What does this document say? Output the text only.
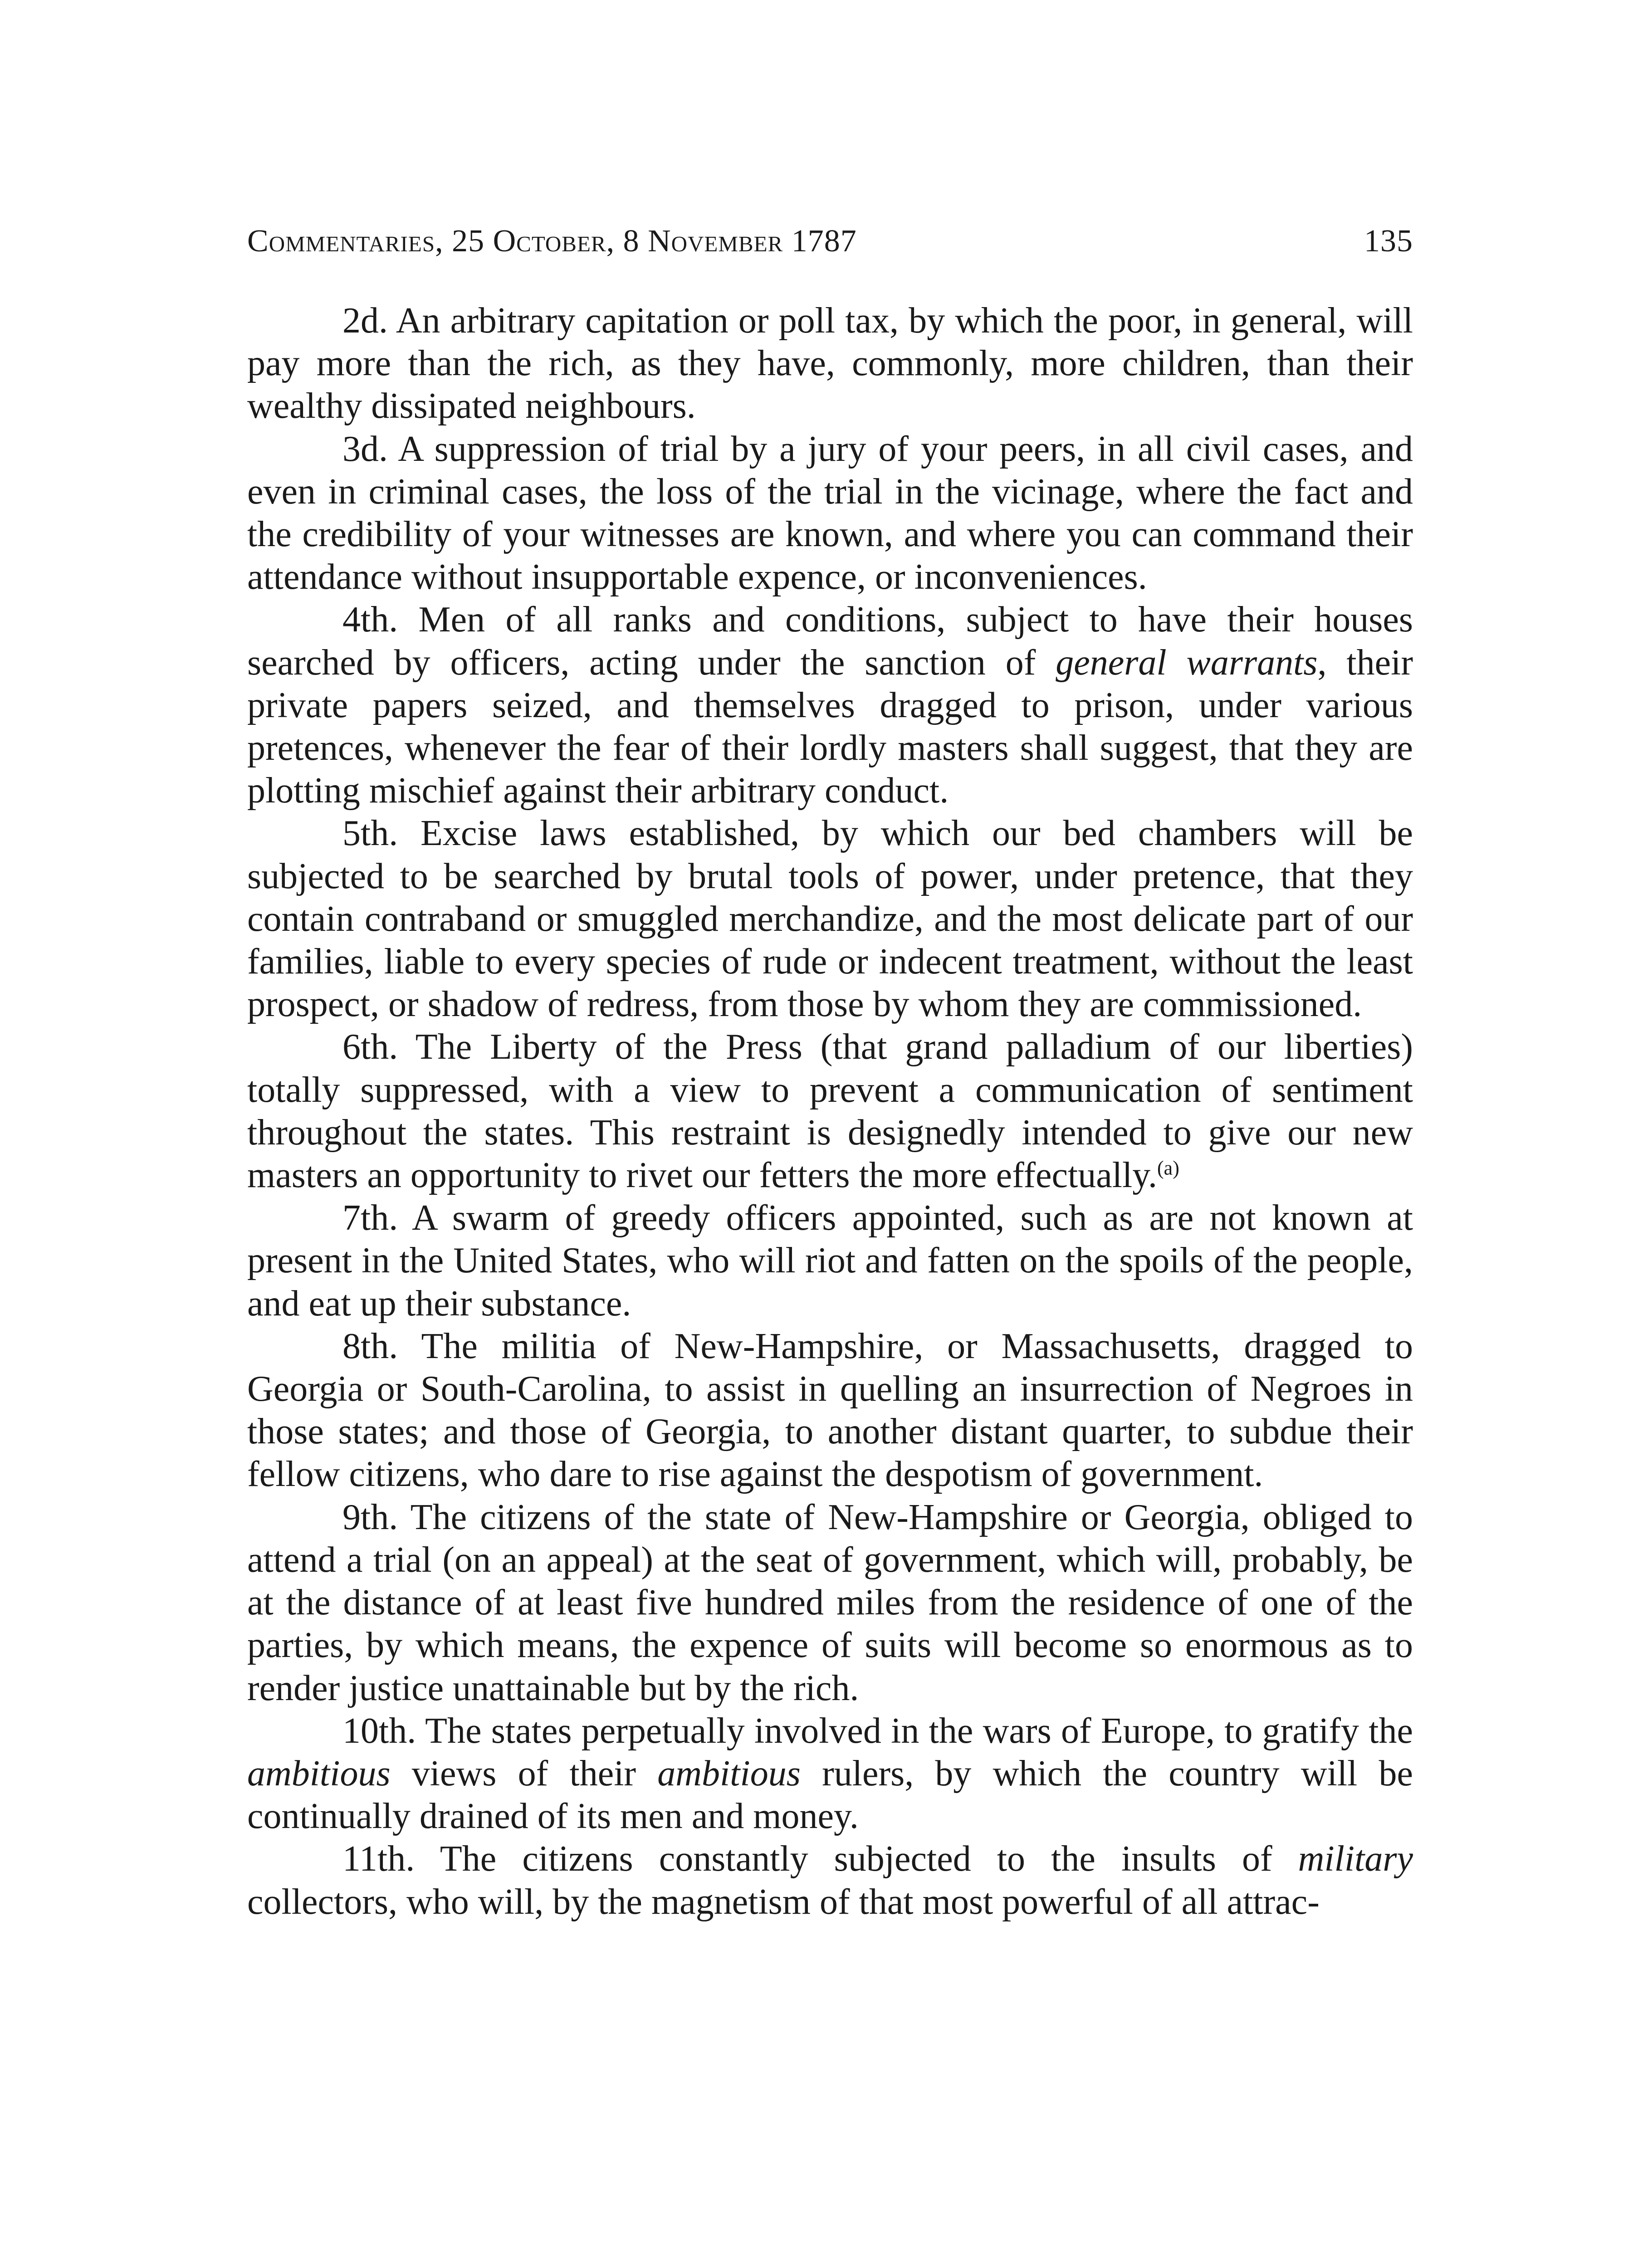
Commentaries, 25 October, 8 November 1787	135

2d. An arbitrary capitation or poll tax, by which the poor, in general, will pay more than the rich, as they have, commonly, more children, than their wealthy dissipated neighbours.

3d. A suppression of trial by a jury of your peers, in all civil cases, and even in criminal cases, the loss of the trial in the vicinage, where the fact and the credibility of your witnesses are known, and where you can command their attendance without insupportable expence, or inconveniences.

4th. Men of all ranks and conditions, subject to have their houses searched by officers, acting under the sanction of general warrants, their private papers seized, and themselves dragged to prison, under various pretences, whenever the fear of their lordly masters shall suggest, that they are plotting mischief against their arbitrary conduct.

5th. Excise laws established, by which our bed chambers will be subjected to be searched by brutal tools of power, under pretence, that they contain contraband or smuggled merchandize, and the most delicate part of our families, liable to every species of rude or indecent treatment, without the least prospect, or shadow of redress, from those by whom they are commissioned.

6th. The Liberty of the Press (that grand palladium of our liberties) totally suppressed, with a view to prevent a communication of sentiment throughout the states. This restraint is designedly intended to give our new masters an opportunity to rivet our fetters the more effectually.$^{(a)}$

7th. A swarm of greedy officers appointed, such as are not known at present in the United States, who will riot and fatten on the spoils of the people, and eat up their substance.

8th. The militia of New-Hampshire, or Massachusetts, dragged to Georgia or South-Carolina, to assist in quelling an insurrection of Negroes in those states; and those of Georgia, to another distant quarter, to subdue their fellow citizens, who dare to rise against the despotism of government.

9th. The citizens of the state of New-Hampshire or Georgia, obliged to attend a trial (on an appeal) at the seat of government, which will, probably, be at the distance of at least five hundred miles from the residence of one of the parties, by which means, the expence of suits will become so enormous as to render justice unattainable but by the rich.

10th. The states perpetually involved in the wars of Europe, to gratify the ambitious views of their ambitious rulers, by which the country will be continually drained of its men and money.

11th. The citizens constantly subjected to the insults of military collectors, who will, by the magnetism of that most powerful of all attrac-
